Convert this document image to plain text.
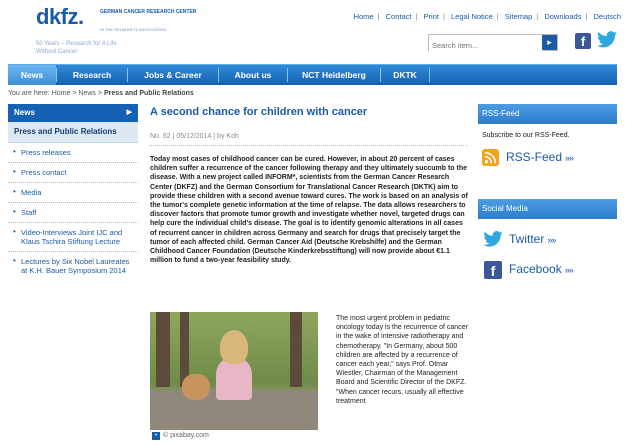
dkfz.	GERMAN CANCER RESEARCH CENTER
IN THE HELMHOLTZ ASSOCIATION
50 Years – Research for A Life Without Cancer
Home | Contact | Print | Legal Notice | Sitemap | Downloads | Deutsch
Search item...
▸	f
News	Research	Jobs & Career	About us	NCT Heidelberg	DKTK
You are here: Home > News > Press and Public Relations
News	▶
Press and Public Relations
• Press releases
• Press contact
• Media
• Staff
• Video-Interviews Joint IJC and Klaus Tschira Stiftung Lecture
• Lectures by Six Nobel Laureates at K.H. Bauer Symposium 2014
A second chance for children with cancer
No. 62 | 05/12/2014 | by Koh
Today most cases of childhood cancer can be cured. However, in about 20 percent of cases children suffer a recurrence of the cancer following therapy and they ultimately succumb to the disease. With a new project called INFORM*, scientists from the German Cancer Research Center (DKFZ) and the German Consortium for Translational Cancer Research (DKTK) aim to provide these children with a second avenue toward cures. The work is based on an analysis of the tumor's complete genetic information at the time of relapse. The data allows researchers to discover factors that promote tumor growth and investigate whether novel, targeted drugs can help cure the individual child's disease. The goal is to identify genomic alterations in all cases of recurrent cancer in children across Germany and search for drugs that precisely target the tumor of each affected child. German Cancer Aid (Deutsche Krebshilfe) and the German Childhood Cancer Foundation (Deutsche Kinderkrebsstiftung) will now provide about €1.1 million to fund a two-year feasibility study.
+ © pixabay.com
The most urgent problem in pediatric oncology today is the recurrence of cancer in the wake of intensive radiotherapy and chemotherapy. "In Germany, about 500 children are affected by a recurrence of cancer each year," says Prof. Otmar Wiestler, Chairman of the Management Board and Scientific Director of the DKFZ. "When cancer recurs, usually all effective treatment
RSS-Feed
Subscribe to our RSS-Feed.
RSS-Feed »»
Social Media
Twitter »»
f	Facebook »»
